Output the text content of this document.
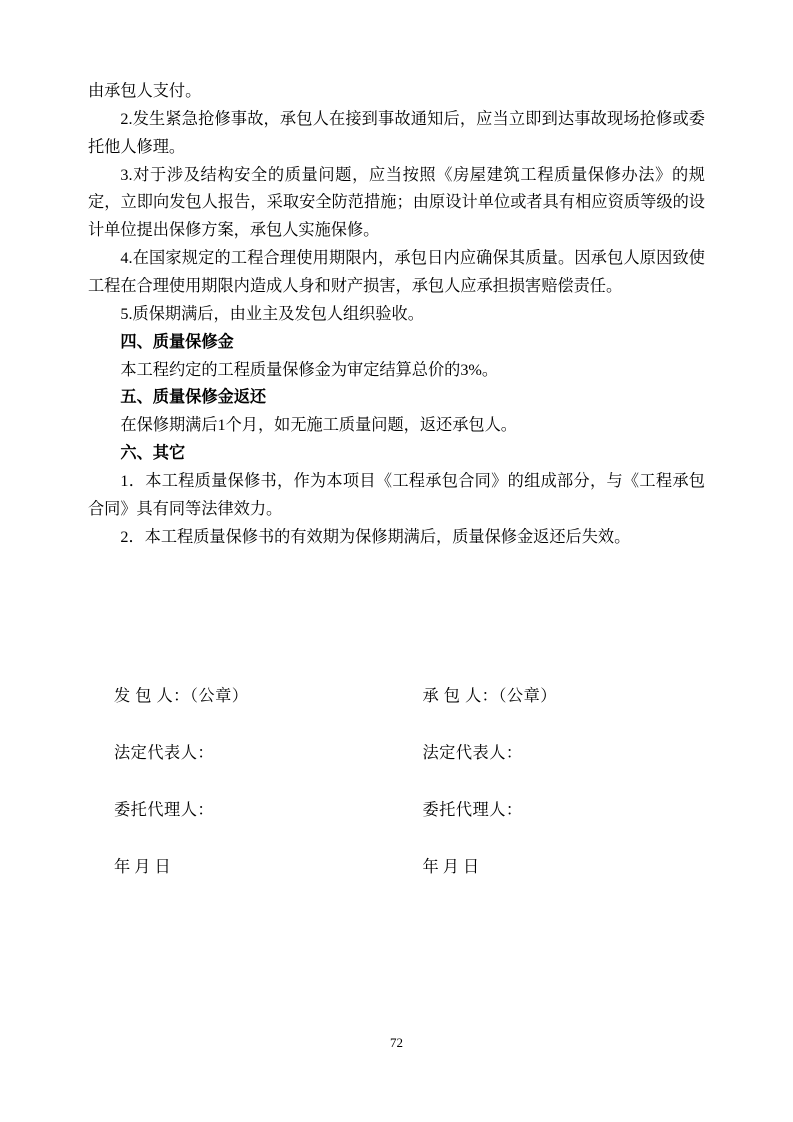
由承包人支付。

2.发生紧急抢修事故，承包人在接到事故通知后，应当立即到达事故现场抢修或委托他人修理。

3.对于涉及结构安全的质量问题，应当按照《房屋建筑工程质量保修办法》的规定，立即向发包人报告，采取安全防范措施；由原设计单位或者具有相应资质等级的设计单位提出保修方案，承包人实施保修。

4.在国家规定的工程合理使用期限内，承包日内应确保其质量。因承包人原因致使工程在合理使用期限内造成人身和财产损害，承包人应承担损害赔偿责任。

5.质保期满后，由业主及发包人组织验收。

四、质量保修金

本工程约定的工程质量保修金为审定结算总价的3%。

五、质量保修金返还

在保修期满后1个月，如无施工质量问题，返还承包人。

六、其它

1．本工程质量保修书，作为本项目《工程承包合同》的组成部分，与《工程承包合同》具有同等法律效力。

2．本工程质量保修书的有效期为保修期满后，质量保修金返还后失效。

发 包 人：（公章）	承 包 人：（公章）
法定代表人：	法定代表人：
委托代理人：	委托代理人：
年 月 日	年 月 日
72
